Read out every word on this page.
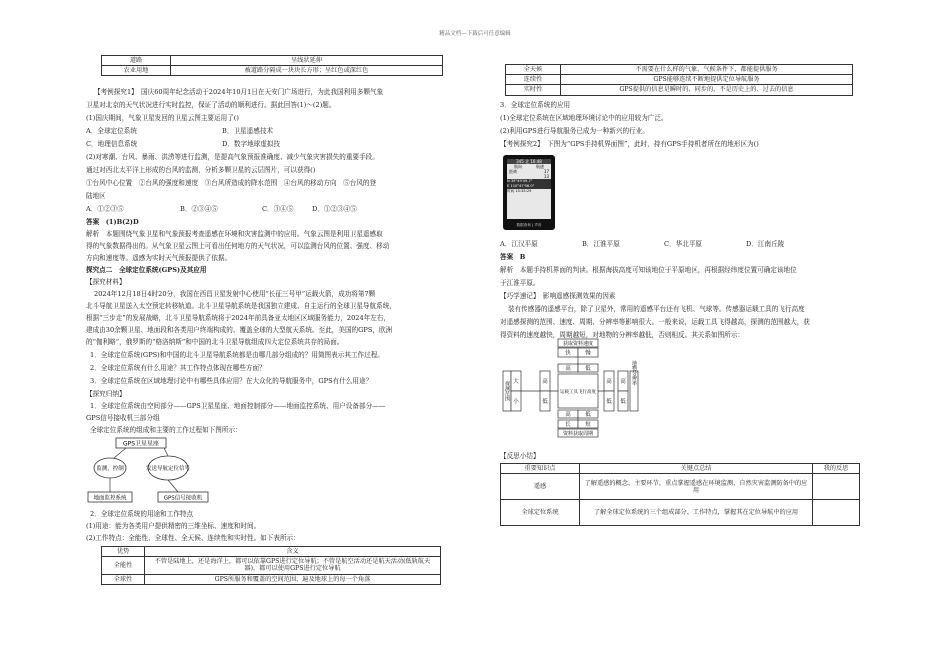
精品文档---下载后可任意编辑
道路	呈线状延伸
农业用地	被道路分隔成一块块长方形；呈红色或深红色
【考例探究1】　国庆60周年纪念活动于2024年10月1日在天安门广场进行，为此我国利用多颗气象
卫星对北京的天气状况进行实时监控，保证了活动的顺利进行。据此回答(1)～(2)题。
(1)国庆期间，气象卫星发回的卫星云图主要运用了()
A．全球定位系统	B．卫星遥感技术
C．地理信息系统	D．数字地球虚拟技
(2)对寒潮、台风、暴雨、洪涝等进行监测，是提高气象预报准确度、减少气象灾害损失的重要手段。
通过对西北太平洋上形成的台风的监测，分析多颗卫星的云层图片，可以获得()
①台风中心位置　②台风的强度和速度　③台风所造成的降水范围　④台风的移动方向　⑤台风的登
陆地区
A．①②③⑤	B．②③④⑤	C．③④⑤	D．①②③④⑤
答案　(1)B(2)D
解析　本题围绕气象卫星和气象预报考查遥感在环境和灾害监测中的应用。气象云图是利用卫星遥感取
得的气象数据得出的。从气象卫星云图上可看出任何地方的天气状况，可以监测台风的位置、强度、移动
方向和速度等。遥感为实时天气预报提供了依据。
探究点二　全球定位系统(GPS)及其应用
【探究材料】
2024年12月18日4时20分，我国在西昌卫星发射中心使用“长征三号甲”运载火箭，成功将第7颗
北斗导航卫星送入太空预定转移轨道。北斗卫星导航系统是我国独立建成、自主运行的全球卫星导航系统，
根据“三步走”的发展战略，北斗卫星导航系统将于2024年前具备亚太地区区域服务能力，2024年左右，
建成由30余颗卫星、地面段和各类用户终端构成的、覆盖全球的大型航天系统。至此，美国的GPS，欧洲
的“伽利略”，俄罗斯的“格洛纳斯”和中国的北斗卫星导航组成四大定位系统共存的局面。
1．全球定位系统(GPS)和中国的北斗卫星导航系统都是由哪几部分组成的？用简图表示其工作过程。
2．全球定位系统有什么用途？其工作特点体现在哪些方面？
3．全球定位系统在区域地理讨论中有哪些具体应用？在大众化的导航服务中，GPS有什么用途？
【探究归纳】
1．全球定位系统由空间部分——GPS卫星星座、地面控制部分——地面监控系统、用户设备部分——
GPS信号接收机三部分组
全球定位系统的组成和主要的工作过程如下图所示：
GPS卫星星座
监测，控制	发送导航定位信号
地面监控系统	GPS信号接收机
2．全球定位系统的用途和工作特点
(1)用途：能为各类用户提供精密的三维坐标、速度和时间。
(2)工作特点：全能性、全球性、全天候、连续性和实时性。如下表所示：
优势	含义
全能性	不管是陆地上，还是海洋上，都可以依靠GPS进行定位导航；不管是航空活动还是航天活动(低轨航天器)，都可以使用GPS进行定位导航
全球性	GPS所服务和覆盖的空间范围，遍及地球上的每一个角落
全天候	不需要在什么样的气象、气候条件下，都能提供服务
连续性	GPS能够连续不断地提供定位导航服务
实时性	GPS提供的信息是瞬时的、同步的，不是历史上的、过去的信息
3．全球定位系统的应用
(1)全球定位系统在区域地理环境讨论中的应用较为广泛。
(2)利用GPS进行导航服务已成为一种新兴的行业。
【考例探究2】　下图为“GPS手持机界面图”，此时，持有GPS手持机者所在的地形区为()
345 北 16:48
航向	航速
距离	17
13
N 39°49'49.7"
E 110°47'56.0"
时间 15:35:29
数据查询 | 声音
A．江汉平原	B．江淮平原	C．华北平原	D．江南丘陵
答案　B
解析　本题手持机界面的判读。根据海拔高度可知该地位于平原地区，再根据经纬度位置可确定该地位
于江淮平原。
【巧学速记】　影响遥感探测效果的因素
装有传感器的遥感平台，除了卫星外，常用的遥感平台还有飞机、气球等。传感器运载工具的飞行高度
对遥感探测的范围、速度、周期、分辨率等影响很大。一般来说，运载工具飞得越高，探测的范围越大，获
得资料的速度越快，周期越短，对地物的分辨率越低，否则相反。其关系如图所示：
获取资料速度
快	慢
探测范围 大
小
高
低
高	低
运载工具飞行高度
高	低
高
低
高
低
地物分辨率
长	短
资料获取周期
【反思小结】
重要知识点	关键点总结	我的反思
遥感	了解遥感的概念、主要环节，重点掌握遥感在环境监测、自然灾害监测防备中的应用	
全球定位系统	了解全球定位系统的三个组成部分、工作特点，掌握其在定位导航中的应用	
